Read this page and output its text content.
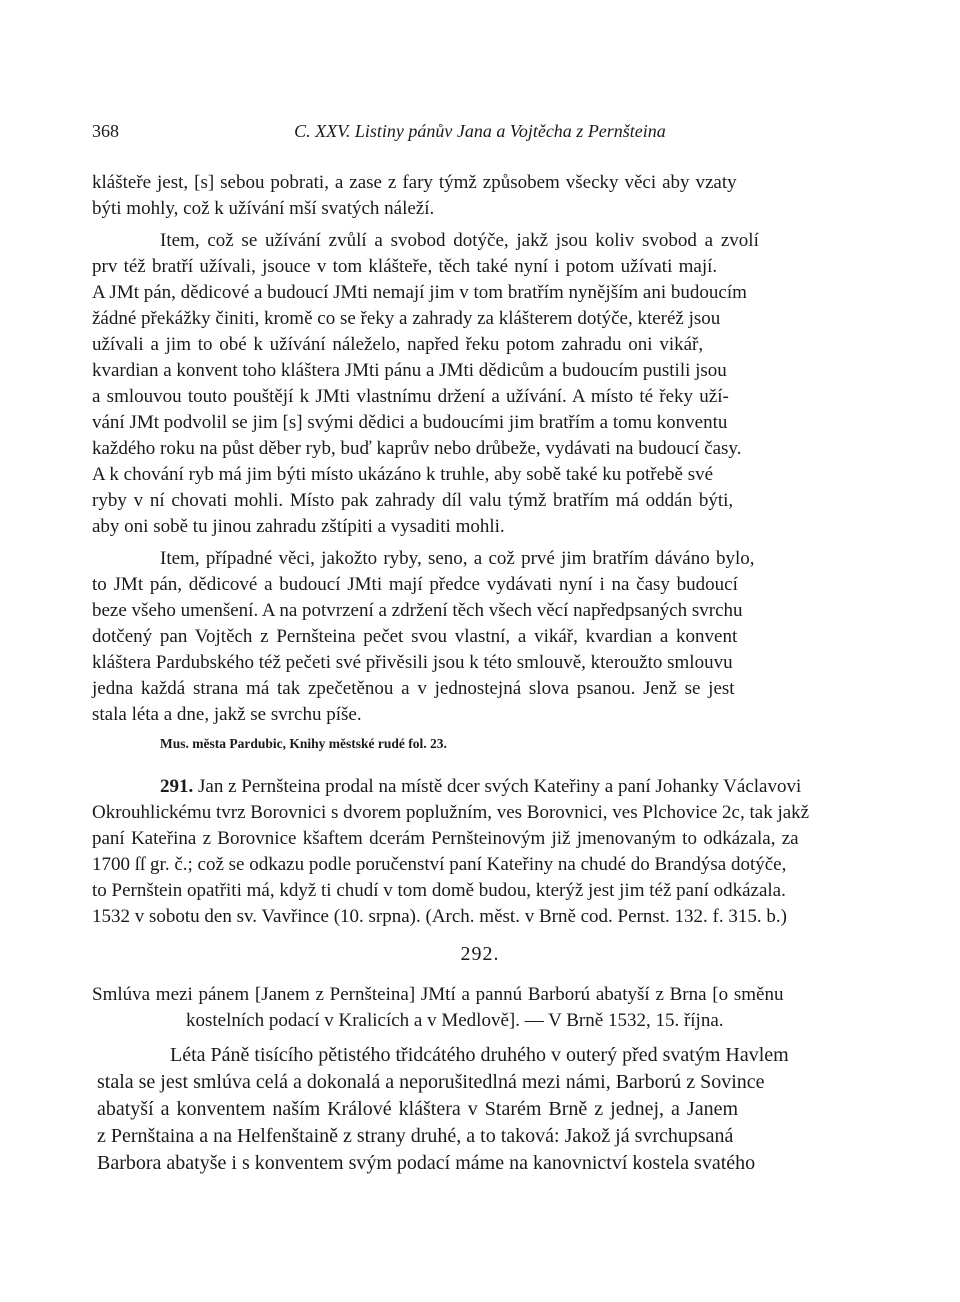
368	C. XXV. Listiny pánův Jana a Vojtěcha z Pernšteina
klášteře jest, [s] sebou pobrati, a zase z fary týmž způsobem všecky věci aby vzaty
býti mohly, což k užívání mší svatých náleží.
Item, což se užívání zvůlí a svobod dotýče, jakž jsou koliv svobod a zvolí
prv též bratří užívali, jsouce v tom klášteře, těch také nyní i potom užívati mají.
A JMt pán, dědicové a budoucí JMti nemají jim v tom bratřím nynějším ani budoucím
žádné překážky činiti, kromě co se řeky a zahrady za klášterem dotýče, kteréž jsou
užívali a jim to obé k užívání náleželo, napřed řeku potom zahradu oni vikář,
kvardian a konvent toho kláštera JMti pánu a JMti dědicům a budoucím pustili jsou
a smlouvou touto pouštějí k JMti vlastnímu držení a užívání. A místo té řeky uží-
vání JMt podvolil se jim [s] svými dědici a budoucími jim bratřím a tomu konventu
každého roku na půst děber ryb, buď kaprův nebo drůbeže, vydávati na budoucí časy.
A k chování ryb má jim býti místo ukázáno k truhle, aby sobě také ku potřebě své
ryby v ní chovati mohli. Místo pak zahrady díl valu týmž bratřím má oddán býti,
aby oni sobě tu jinou zahradu zštípiti a vysaditi mohli.
Item, případné věci, jakožto ryby, seno, a což prvé jim bratřím dáváno bylo,
to JMt pán, dědicové a budoucí JMti mají předce vydávati nyní i na časy budoucí
beze všeho umenšení. A na potvrzení a zdržení těch všech věcí napředpsaných svrchu
dotčený pan Vojtěch z Pernšteina pečet svou vlastní, a vikář, kvardian a konvent
kláštera Pardubského též pečeti své přivěsili jsou k této smlouvě, kteroužto smlouvu
jedna každá strana má tak zpečetěnou a v jednostejná slova psanou. Jenž se jest
stala léta a dne, jakž se svrchu píše.
Mus. města Pardubic, Knihy městské rudé fol. 23.
291. Jan z Pernšteina prodal na místě dcer svých Kateřiny a paní Johanky Václavovi
Okrouhlickému tvrz Borovnici s dvorem poplužním, ves Borovnici, ves Plchovice 2c, tak jakž
paní Kateřina z Borovnice kšaftem dcerám Pernšteinovým již jmenovaným to odkázala, za
1700 ſſ gr. č.; což se odkazu podle poručenství paní Kateřiny na chudé do Brandýsa dotýče,
to Pernštein opatřiti má, když ti chudí v tom domě budou, kterýž jest jim též paní odkázala.
1532 v sobotu den sv. Vavřince (10. srpna). (Arch. měst. v Brně cod. Pernst. 132. f. 315. b.)
292.
Smlúva mezi pánem [Janem z Pernšteina] JMtí a pannú Barború abatyší z Brna [o směnu
kostelních podací v Kralicích a v Medlově]. — V Brně 1532, 15. října.
Léta Páně tisícího pětistého třidcátého druhého v outerý před svatým Havlem
stala se jest smlúva celá a dokonalá a neporušitedlná mezi námi, Barború z Sovince
abatyší a konventem naším Králové kláštera v Starém Brně z jednej, a Janem
z Pernštaina a na Helfenštaině z strany druhé, a to taková: Jakož já svrchupsaná
Barbora abatyše i s konventem svým podací máme na kanovnictví kostela svatého
